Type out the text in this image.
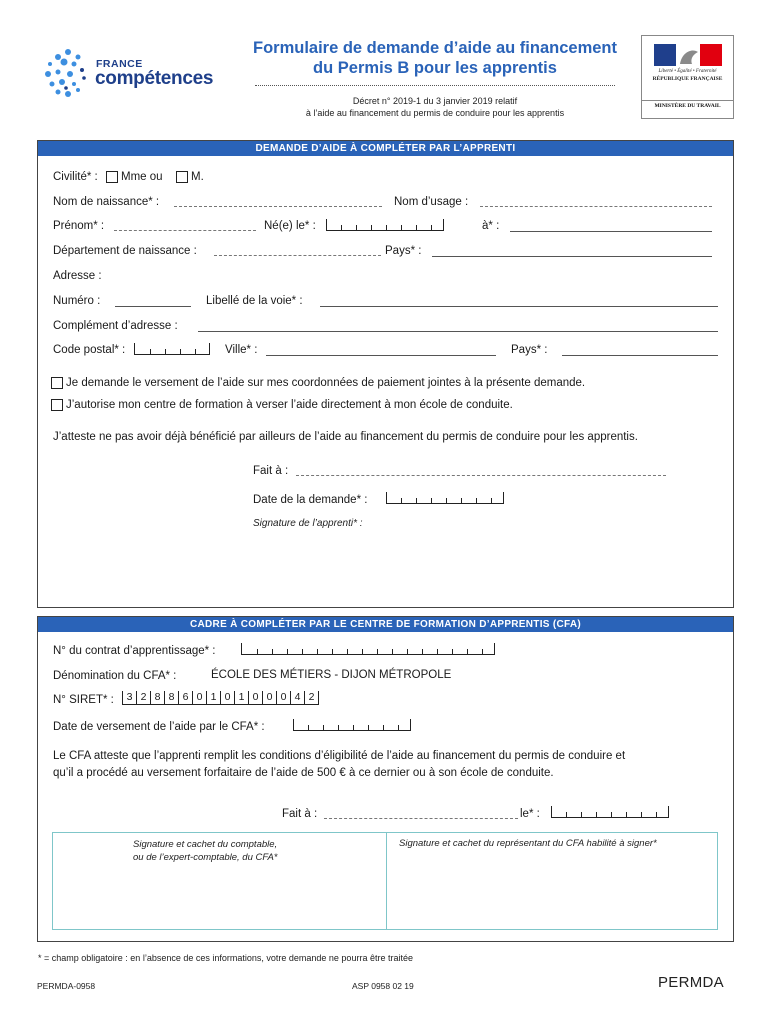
FRANCE
compétences
Formulaire de demande d’aide au financement du Permis B pour les apprentis
Décret n° 2019-1 du 3 janvier 2019 relatif
à l’aide au financement du permis de conduire pour les apprentis
Liberté • Égalité • Fraternité
RÉPUBLIQUE FRANÇAISE
MINISTÈRE DU TRAVAIL
DEMANDE D’AIDE À COMPLÉTER PAR L’APPRENTI
Civilité* : Mme ou M.
Nom de naissance* :	Nom d’usage :
Prénom* :	Né(e) le* :	à* :
Département de naissance :	Pays* :
Adresse :
Numéro :	Libellé de la voie* :
Complément d’adresse :
Code postal* :	Ville* :	Pays* :
Je demande le versement de l’aide sur mes coordonnées de paiement jointes à la présente demande.
J’autorise mon centre de formation à verser l’aide directement à mon école de conduite.
J’atteste ne pas avoir déjà bénéficié par ailleurs de l’aide au financement du permis de conduire pour les apprentis.
Fait à :
Date de la demande* :
Signature de l’apprenti* :
CADRE À COMPLÉTER PAR LE CENTRE DE FORMATION D’APPRENTIS (CFA)
N° du contrat d’apprentissage* :
Dénomination du CFA* :	ÉCOLE DES MÉTIERS - DIJON MÉTROPOLE
N° SIRET* :	3 2 8 8 6 0 1 0 1 0 0 0 4 2
Date de versement de l’aide par le CFA* :
Le CFA atteste que l’apprenti remplit les conditions d’éligibilité de l’aide au financement du permis de conduire et
qu’il a procédé au versement forfaitaire de l’aide de 500 € à ce dernier ou à son école de conduite.
Fait à :	le* :
Signature et cachet du comptable,
ou de l’expert-comptable, du CFA*
Signature et cachet du représentant du CFA habilité à signer*
* = champ obligatoire : en l’absence de ces informations, votre demande ne pourra être traitée
PERMDA-0958	ASP 0958 02 19	PERMDA
